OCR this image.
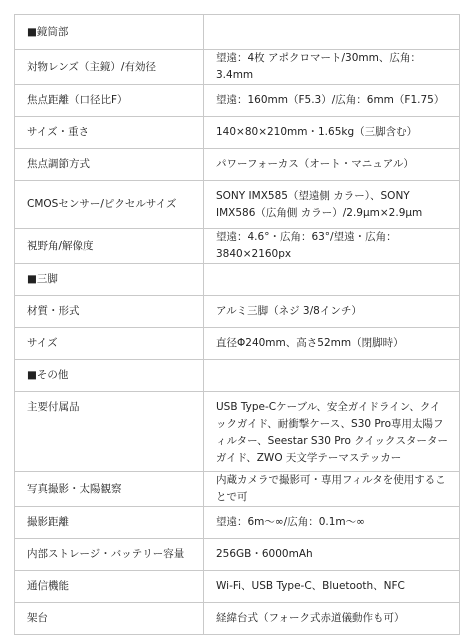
■鏡筒部	
対物レンズ（主鏡）/有効径	望遠：4枚 アポクロマート/30mm、広角：3.4mm
焦点距離（口径比F）	望遠：160mm（F5.3）/広角：6mm（F1.75）
サイズ・重さ	140×80×210mm・1.65kg（三脚含む）
焦点調節方式	パワーフォーカス（オート・マニュアル）
CMOSセンサー/ピクセルサイズ	SONY IMX585（望遠側 カラー）、SONY IMX586（広角側 カラー）/2.9μm×2.9μm
視野角/解像度	望遠：4.6°・広角：63°/望遠・広角：3840×2160px
■三脚	
材質・形式	アルミ三脚（ネジ 3/8インチ）
サイズ	直径Φ240mm、高さ52mm（閉脚時）
■その他	
主要付属品	USB Type-Cケーブル、安全ガイドライン、クイックガイド、耐衝撃ケース、S30 Pro専用太陽フィルター、Seestar S30 Pro クイックスターターガイド、ZWO 天文学テーマステッカー
写真撮影・太陽観察	内蔵カメラで撮影可・専用フィルタを使用することで可
撮影距離	望遠：6m〜∞/広角：0.1m〜∞
内部ストレージ・バッテリー容量	256GB・6000mAh
通信機能	Wi-Fi、USB Type-C、Bluetooth、NFC
架台	経緯台式（フォーク式赤道儀動作も可）
